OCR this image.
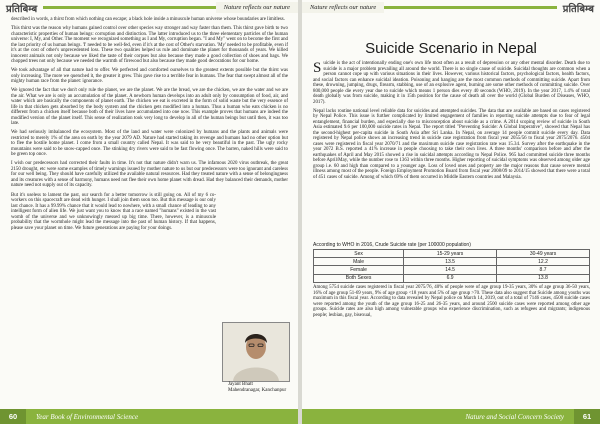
प्रतिबिम्ब	Nature reflects our nature

described in words, a thirst from which nothing can escape; a black hole inside a minuscule human universe whose boundaries are limitless.

This thirst was the reason why humans gained control over other species way stronger and way faster than them. This thirst gave birth to two characteristic properties of human beings: corruption and distinction. The latter introduced us to the three elementary particles of the human universe: I, My, and Other. The moment we recognized something as I and My, corruption began. "I and My" went on to become the first and the last priority of us human beings. 'I' needed to be well-fed, even if it's at the cost of Other's starvation. 'My' needed to be profitable, even if it's at the cost of other's unprecedented loss. These two qualities helped us rule and dominate the planet for thousands of years. We killed innocent animals not only because we liked the taste of their corpses but also because they made a good collection of shoes and bags. We chopped trees not only because we needed the warmth of firewood but also because they made good decorations for our home.

We took advantage of all that nature had to offer. We perfected and comforted ourselves to the greatest extents possible but the thirst was only increasing. The more we quenched it, the greater it grew. This gave rise to a terrible fear in humans. The fear that swept almost all of the mighty human race from the planet: ignorance.

We ignored the fact that we don't only rule the planet, we are the planet. We are the bread, we are the chicken, we are the water and we are the air. What we are is only an accumulation of the planet. A newborn human develops into an adult only by consumption of food, air, and water which are basically the components of planet earth. The chicken we eat is excreted in the form of solid waste but the very essence of life in that chicken gets absorbed by the body system and the chicken gets modified into a human. Thus a human who eats chicken is no different from a chicken itself because both of their lives have accumulated into one now. This example proves that humans are indeed the modified version of the planet itself. This sense of realization took very long to develop in all of the human beings but until then, it was too late.

We had seriously imbalanced the ecosystem. Most of the land and water were colonized by humans and the plants and animals were restricted to merely 1% of the area on earth by the year 2079 AD. Nature had started taking its revenge and humans had no other option but to flee the hostile home planet. I come from a small country called Nepal. It was said to be very beautiful in the past. The ugly rocky mountains were said to be snow-capped once. The stinking dry rivers were said to be fast flowing once. The barren, naked hills were said to be green top once.

I wish our predecessors had corrected their faults in time. It's not that nature didn't warn us. The infamous 2020 virus outbreak, the great 2150 drought, etc were some examples of timely warnings issued by mother nature to us but our predecessors were too ignorant and careless for our well being. They should have carefully utilized the available natural resources. Had they treated nature with a sense of belongingness and its creatures with a sense of harmony, humans need not flee their own home planet with dread. Had they balanced their demands, mother nature need not supply out of its capacity.

But it's useless to lament the past, our search for a better tomorrow is still going on. All of my 6 co-workers on this spacecraft are dead with hunger. I shall join them soon too. But this message is our only last chance. It has a 99.99% chance that it would lead to nowhere, with a small chance of leading to any intelligent form of alien life. We just want you to know that a race named "humans" existed in the vast womb of the universe and we unknowingly messed up big time. There, however, is a minuscule probability that the wormhole might lead the message into the past of human history. If that happens, please save your planet on time. We future generations are paying for your doings.

Jayant Bhatt
Mahendranagar, Kanchanpur
60	Year Book of Environmental Science
Nature reflects our nature	प्रतिबिम्ब
Suicide Scenario in Nepal

Suicide is the act of intentionally ending one's own life most often as a result of depression or any other mental disorder. Death due to suicide is a major problem prevailing all around the world. There is no single cause of suicide. Suicidal thoughts are common when a person cannot cope up with various situations in their lives. However, various historical factors, psychological factors, health factors, and social factors can enhance suicidal ideation. Poisoning and hanging are the most common methods of committing suicide. Apart from these, drowning, jumping, drugs, firearm, stabbing, use of an explosive agent, burning are some other methods of committing suicide. Over 800,000 people die every year due to suicide which means 1 person dies every 40 seconds (WHO, 2019). In the year 2017, 1.4% of total death globally was from suicide, making it in 15th position for the cause of death all over the world (Global Burden of Diseases, WHO, 2017).

Nepal lacks routine national level reliable data for suicides and attempted suicides. The data that are available are based on cases registered by Nepal Police. This issue is further complicated by limited engagement of families in reporting suicide attempts due to fear of legal entanglement, financial burden, and especially due to misconception about suicide as a crime. A 2014 scoping review of suicide in South Asia estimated 9.6 per 100,000 suicide rates in Nepal. The report titled "Preventing Suicide: A Global Imperative", showed that Nepal has the second-highest per-capita suicide in South Asia after Sri Lanka. In Nepal, on average 14 people commit suicide every day. Data registered by Nepal police shows an increasing trend in suicide case registration from fiscal year 2055/56 to fiscal year 2075/2076. 4504 cases were registered in fiscal year 2070/71 and the maximum suicide case registration rate was 15.34. Survey after the earthquake in the year 2072 B.S. reported a 41% increase in people choosing to take their own lives. A three months' comparison before and after the earthquakes of April and May 2015 showed a rise in suicidal attempts according to Nepal Police. 965 had committed suicide three months before April/May, while the number rose to 1363 within three months. Higher reporting of suicidal symptoms was observed among older age group i.e. 60 and high than compared to a younger age. Loss of loved ones and property are the major reasons that cause severe mental illness among most of the people. Foreign Employment Promotion Board from fiscal year 2008/09 to 2014/15 showed that there were a total of 451 cases of suicide. Among of which 69% of them occurred in Middle Eastern countries and Malaysia.

According to WHO in 2016, Crude Suicide rate (per 100000 population)
Sex	15-29 years	30-49 years
Male	13.5	12.2
Female	14.5	8.7
Both Sexes	6.9	13.8

Among 5754 suicide cases registered in fiscal year 2075/76, 40% of people were of age group 19-35 years, 30% of age group 36-50 years, 16% of age group 51-69 years, 9% of age group <18 years and 5% of age group >70. These data also suggest that Suicide among youths was maximum in this fiscal year. According to data revealed by Nepal police on March 14, 2019, out of a total of 7146 cases, 4500 suicide cases were reported among the youth of the age group 16-25 and 26-35 years, and around 2500 suicide cases were reported among other age groups. Suicide rates are also high among vulnerable groups who experience discrimination, such as refugees and migrants; indigenous people; lesbian, gay, bisexual,

Nature and Social Concern Society	61
